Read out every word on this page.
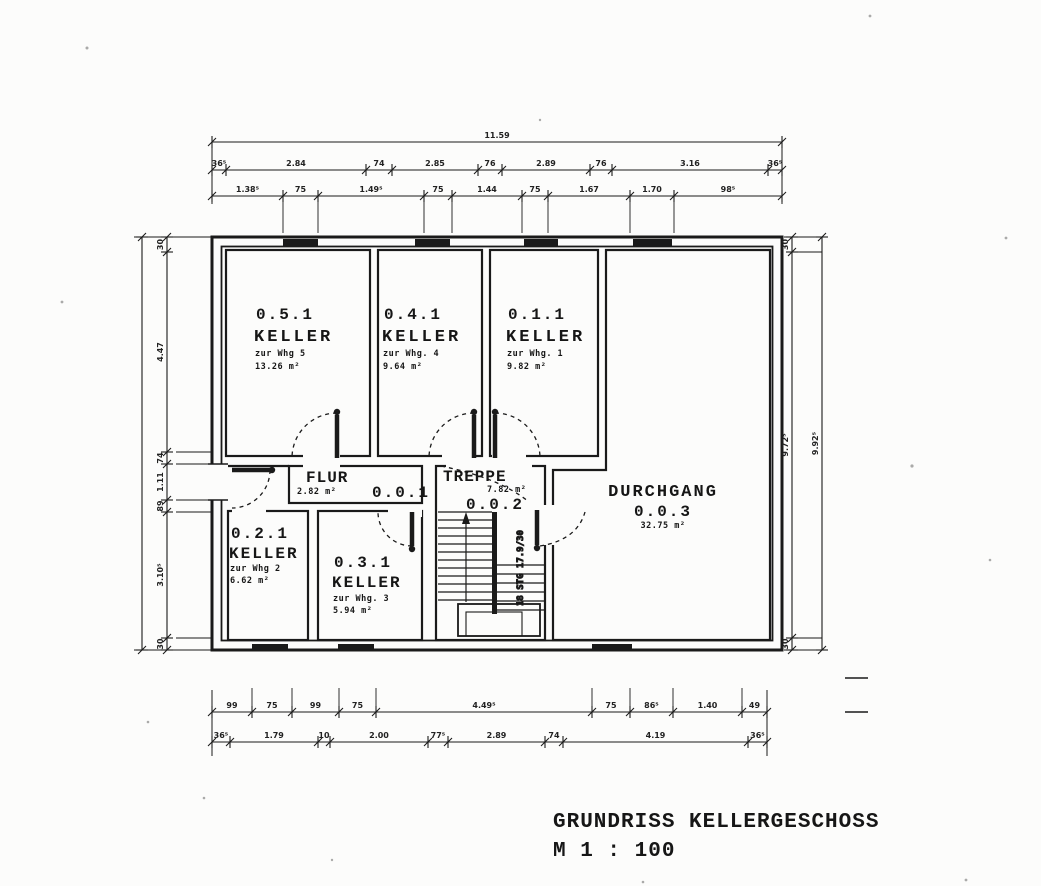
18 STG 17.9/30
0.5.1
KELLER
zur Whg 5
13.26 m²
0.4.1
KELLER
zur Whg. 4
9.64 m²
0.1.1
KELLER
zur Whg. 1
9.82 m²
FLUR
2.82 m² 0.0.1
TREPPE
7.82 m²
0.0.2
DURCHGANG
0.0.3
32.75 m²
0.2.1
KELLER
zur Whg 2
6.62 m²
0.3.1
KELLER
zur Whg. 3
5.94 m²
11.59
36⁵	2.84	74	2.85	76	2.89	76	3.16	36⁵
1.38⁵	75	1.49⁵	75	1.44	75	1.67	1.70	98⁵
99	75	99	75	4.49⁵	75	86⁵	1.40	49
36⁵	1.79	10	2.00	77⁵	2.89	74	4.19	36⁵
30
4.47
74
1.11
89
3.10⁵
30
30
9.72⁵
30
9.92⁵
GRUNDRISS KELLERGESCHOSS
M 1 : 100
